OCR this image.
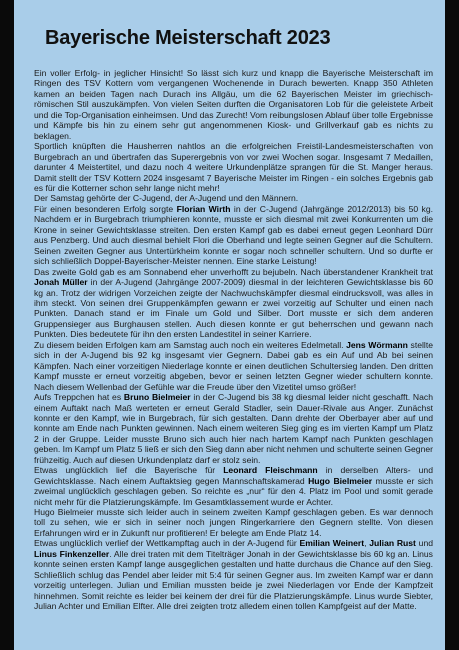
Bayerische Meisterschaft 2023

Ein voller Erfolg- in jeglicher Hinsicht! So lässt sich kurz und knapp die Bayerische Meisterschaft im Ringen des TSV Kottern vom vergangenen Wochenende in Durach bewerten. Knapp 350 Athleten kamen an beiden Tagen nach Durach ins Allgäu, um die 62 Bayerischen Meister im griechisch-römischen Stil auszukämpfen. Von vielen Seiten durften die Organisatoren Lob für die geleistete Arbeit und die Top-Organisation einheimsen. Und das Zurecht! Vom reibungslosen Ablauf über tolle Ergebnisse und Kämpfe bis hin zu einem sehr gut angenommenen Kiosk- und Grillverkauf gab es nichts zu beklagen.

Sportlich knüpften die Hausherren nahtlos an die erfolgreichen Freistil-Landesmeisterschaften von Burgebrach an und übertrafen das Superergebnis von vor zwei Wochen sogar. Insgesamt 7 Medaillen, darunter 4 Meistertitel, und dazu noch 4 weitere Urkundenplätze sprangen für die St. Manger heraus. Damit stellt der TSV Kottern 2024 insgesamt 7 Bayerische Meister im Ringen - ein solches Ergebnis gab es für die Kotterner schon sehr lange nicht mehr!

Der Samstag gehörte der C-Jugend, der A-Jugend und den Männern.

Für einen besonderen Erfolg sorgte Florian Wirth in der C-Jugend (Jahrgänge 2012/2013) bis 50 kg. Nachdem er in Burgebrach triumphieren konnte, musste er sich diesmal mit zwei Konkurrenten um die Krone in seiner Gewichtsklasse streiten. Den ersten Kampf gab es dabei erneut gegen Leonhard Dürr aus Penzberg. Und auch diesmal behielt Flori die Oberhand und legte seinen Gegner auf die Schultern. Seinen zweiten Gegner aus Untertürkheim konnte er sogar noch schneller schultern. Und so durfte er sich schließlich Doppel-Bayerischer-Meister nennen. Eine starke Leistung!

Das zweite Gold gab es am Sonnabend eher unverhofft zu bejubeln. Nach überstandener Krankheit trat Jonah Müller in der A-Jugend (Jahrgänge 2007-2009) diesmal in der leichteren Gewichtsklasse bis 60 kg an. Trotz der widrigen Vorzeichen zeigte der Nachwuchskämpfer diesmal eindrucksvoll, was alles in ihm steckt. Von seinen drei Gruppenkämpfen gewann er zwei vorzeitig auf Schulter und einen nach Punkten. Danach stand er im Finale um Gold und Silber. Dort musste er sich dem anderen Gruppensieger aus Burghausen stellen. Auch diesen konnte er gut beherrschen und gewann nach Punkten. Dies bedeutete für ihn den ersten Landestitel in seiner Karriere.

Zu diesem beiden Erfolgen kam am Samstag auch noch ein weiteres Edelmetall. Jens Wörmann stellte sich in der A-Jugend bis 92 kg insgesamt vier Gegnern. Dabei gab es ein Auf und Ab bei seinen Kämpfen. Nach einer vorzeitigen Niederlage konnte er einen deutlichen Schultersieg landen. Den dritten Kampf musste er erneut vorzeitig abgeben, bevor er seinen letzten Gegner wieder schultern konnte. Nach diesem Wellenbad der Gefühle war die Freude über den Vizetitel umso größer!

Aufs Treppchen hat es Bruno Bielmeier in der C-Jugend bis 38 kg diesmal leider nicht geschafft. Nach einem Auftakt nach Maß werteten er erneut Gerald Stadler, sein Dauer-Rivale aus Anger. Zunächst konnte er den Kampf, wie in Burgebrach, für sich gestalten. Dann drehte der Oberbayer aber auf und konnte am Ende nach Punkten gewinnen. Nach einem weiteren Sieg ging es im vierten Kampf um Platz 2 in der Gruppe. Leider musste Bruno sich auch hier nach hartem Kampf nach Punkten geschlagen geben. Im Kampf um Platz 5 ließ er sich den Sieg dann aber nicht nehmen und schulterte seinen Gegner frühzeitig. Auch auf diesen Urkundenplatz darf er stolz sein.

Etwas unglücklich lief die Bayerische für Leonard Fleischmann in derselben Alters- und Gewichtsklasse. Nach einem Auftaktsieg gegen Mannschaftskamerad Hugo Bielmeier musste er sich zweimal unglücklich geschlagen geben. So reichte es „nur“ für den 4. Platz im Pool und somit gerade nicht mehr für die Platzierungskämpfe. Im Gesamtklassement wurde er Achter.

Hugo Bielmeier musste sich leider auch in seinem zweiten Kampf geschlagen geben. Es war dennoch toll zu sehen, wie er sich in seiner noch jungen Ringerkarriere den Gegnern stellte. Von diesen Erfahrungen wird er in Zukunft nur profitieren! Er belegte am Ende Platz 14.

Etwas unglücklich verlief der Wettkampftag auch in der A-Jugend für Emilian Weinert, Julian Rust und Linus Finkenzeller. Alle drei traten mit dem Titelträger Jonah in der Gewichtsklasse bis 60 kg an. Linus konnte seinen ersten Kampf lange ausgeglichen gestalten und hatte durchaus die Chance auf den Sieg. Schließlich schlug das Pendel aber leider mit 5:4 für seinen Gegner aus. Im zweiten Kampf war er dann vorzeitig unterlegen. Julian und Emilian mussten beide je zwei Niederlagen vor Ende der Kampfzeit hinnehmen. Somit reichte es leider bei keinem der drei für die Platzierungskämpfe. Linus wurde Siebter, Julian Achter und Emilian Elfter. Alle drei zeigten trotz alledem einen tollen Kampfgeist auf der Matte.
